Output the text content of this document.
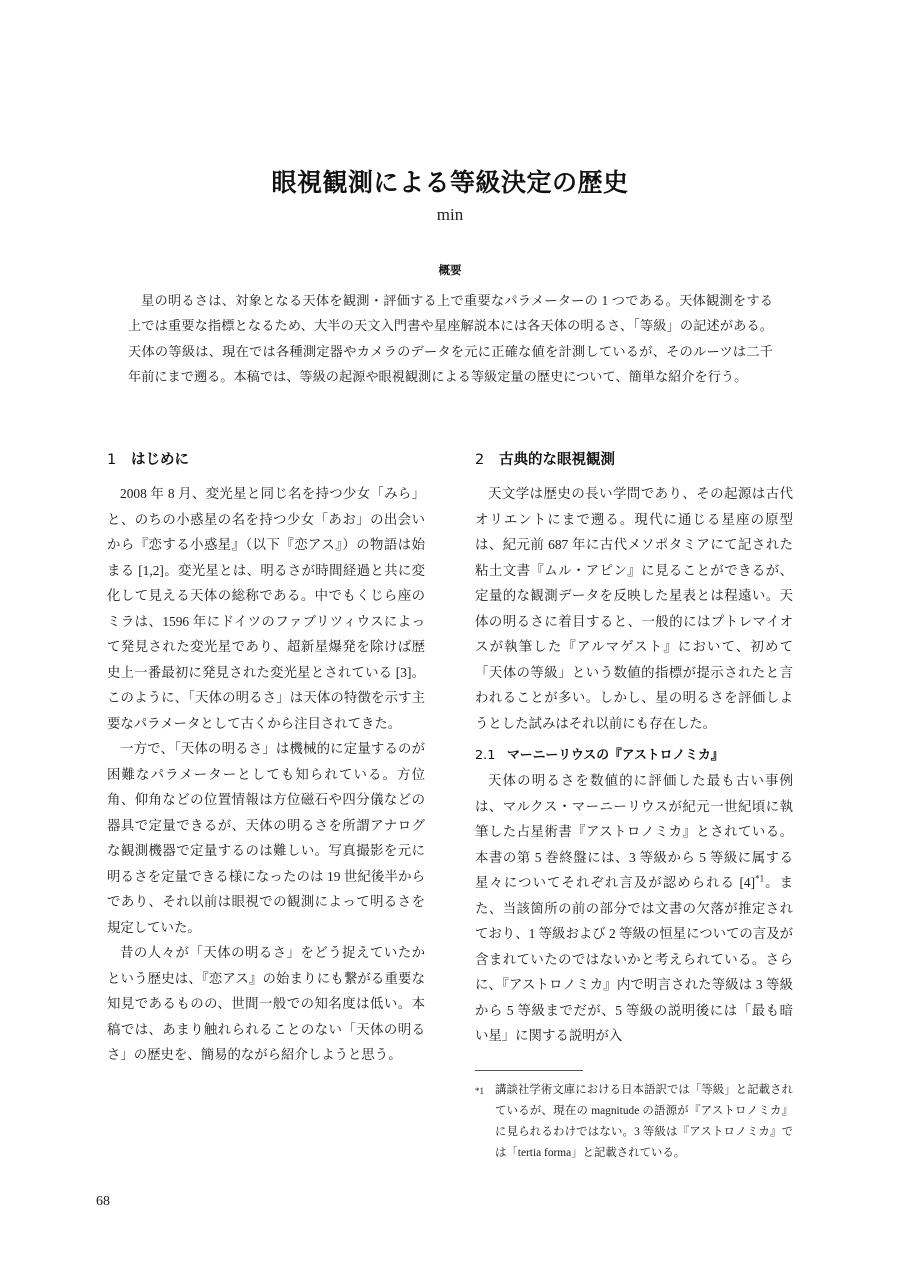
眼視観測による等級決定の歴史
min
概要
星の明るさは、対象となる天体を観測・評価する上で重要なパラメーターの 1 つである。天体観測をする上では重要な指標となるため、大半の天文入門書や星座解説本には各天体の明るさ、「等級」の記述がある。天体の等級は、現在では各種測定器やカメラのデータを元に正確な値を計測しているが、そのルーツは二千年前にまで遡る。本稿では、等級の起源や眼視観測による等級定量の歴史について、簡単な紹介を行う。
1 はじめに

2008 年 8 月、変光星と同じ名を持つ少女「みら」と、のちの小惑星の名を持つ少女「あお」の出会いから『恋する小惑星』（以下『恋アス』）の物語は始まる [1,2]。変光星とは、明るさが時間経過と共に変化して見える天体の総称である。中でもくじら座のミラは、1596 年にドイツのファブリツィウスによって発見された変光星であり、超新星爆発を除けば歴史上一番最初に発見された変光星とされている [3]。このように、「天体の明るさ」は天体の特徴を示す主要なパラメータとして古くから注目されてきた。

一方で、「天体の明るさ」は機械的に定量するのが困難なパラメーターとしても知られている。方位角、仰角などの位置情報は方位磁石や四分儀などの器具で定量できるが、天体の明るさを所謂アナログな観測機器で定量するのは難しい。写真撮影を元に明るさを定量できる様になったのは 19 世紀後半からであり、それ以前は眼視での観測によって明るさを規定していた。

昔の人々が「天体の明るさ」をどう捉えていたかという歴史は、『恋アス』の始まりにも繋がる重要な知見であるものの、世間一般での知名度は低い。本稿では、あまり触れられることのない「天体の明るさ」の歴史を、簡易的ながら紹介しようと思う。

2 古典的な眼視観測

天文学は歴史の長い学問であり、その起源は古代オリエントにまで遡る。現代に通じる星座の原型は、紀元前 687 年に古代メソポタミアにて記された粘土文書『ムル・アピン』に見ることができるが、定量的な観測データを反映した星表とは程遠い。天体の明るさに着目すると、一般的にはプトレマイオスが執筆した『アルマゲスト』において、初めて「天体の等級」という数値的指標が提示されたと言われることが多い。しかし、星の明るさを評価しようとした試みはそれ以前にも存在した。

2.1 マーニーリウスの『アストロノミカ』

天体の明るさを数値的に評価した最も古い事例は、マルクス・マーニーリウスが紀元一世紀頃に執筆した占星術書『アストロノミカ』とされている。本書の第 5 巻終盤には、3 等級から 5 等級に属する星々についてそれぞれ言及が認められる [4]$^{*1}$。また、当該箇所の前の部分では文書の欠落が推定されており、1 等級および 2 等級の恒星についての言及が含まれていたのではないかと考えられている。さらに、『アストロノミカ』内で明言された等級は 3 等級から 5 等級までだが、5 等級の説明後には「最も暗い星」に関する説明が入

*1 講談社学術文庫における日本語訳では「等級」と記載されているが、現在の magnitude の語源が『アストロノミカ』に見られるわけではない。3 等級は『アストロノミカ』では「tertia forma」と記載されている。
68
